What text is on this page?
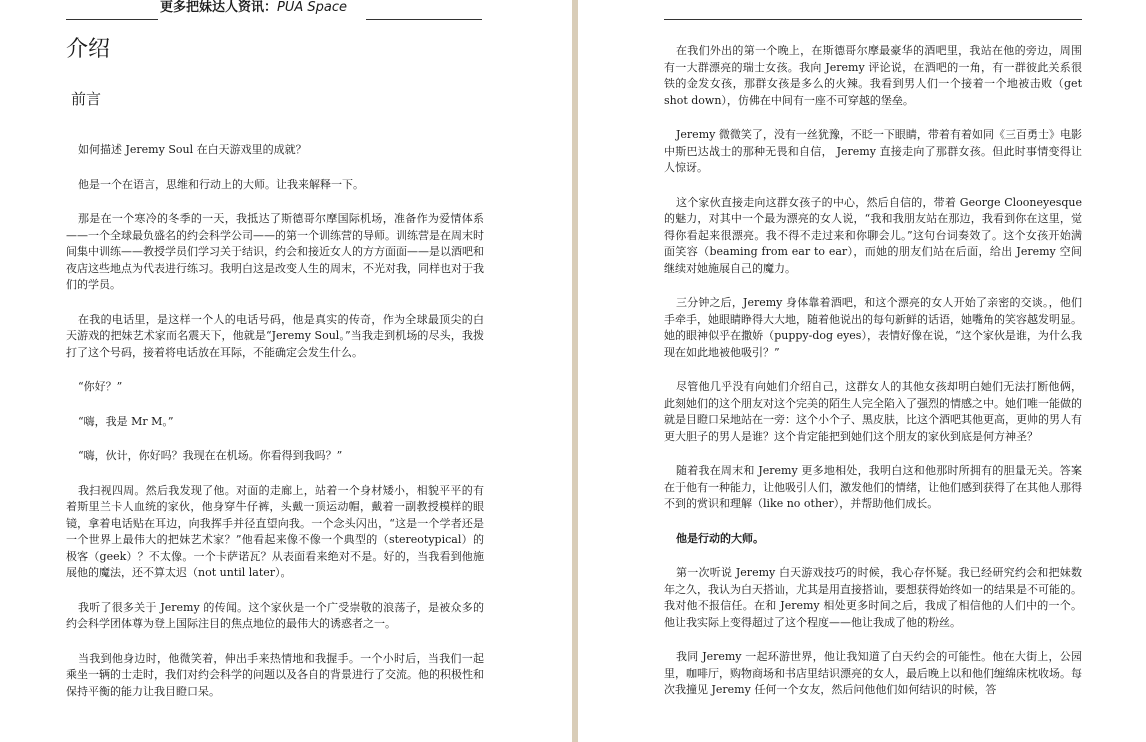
更多把妹达人资讯：PUA Space
介绍
前言

如何描述 Jeremy Soul 在白天游戏里的成就？

他是一个在语言，思维和行动上的大师。让我来解释一下。

那是在一个寒冷的冬季的一天，我抵达了斯德哥尔摩国际机场，准备作为爱情体系——一个全球最负盛名的约会科学公司——的第一个训练营的导师。训练营是在周末时间集中训练——教授学员们学习关于结识，约会和接近女人的方方面面——是以酒吧和夜店这些地点为代表进行练习。我明白这是改变人生的周末，不光对我，同样也对于我们的学员。

在我的电话里，是这样一个人的电话号码，他是真实的传奇，作为全球最顶尖的白天游戏的把妹艺术家而名震天下，他就是“Jeremy Soul。”当我走到机场的尽头，我拨打了这个号码，接着将电话放在耳际，不能确定会发生什么。

“你好？”

“嗨，我是 Mr M。”

“嗨，伙计，你好吗？我现在在机场。你看得到我吗？”

我扫视四周。然后我发现了他。对面的走廊上，站着一个身材矮小，相貌平平的有着斯里兰卡人血统的家伙，他身穿牛仔裤，头戴一顶运动帽，戴着一副教授模样的眼镜，拿着电话贴在耳边，向我挥手并径直望向我。一个念头闪出，“这是一个学者还是一个世界上最伟大的把妹艺术家？”他看起来像不像一个典型的（stereotypical）的极客（geek）？不太像。一个卡萨诺瓦？从表面看来绝对不是。好的，当我看到他施展他的魔法，还不算太迟（not until later）。

我听了很多关于 Jeremy 的传闻。这个家伙是一个广受崇敬的浪荡子，是被众多的约会科学团体尊为登上国际注目的焦点地位的最伟大的诱惑者之一。

当我到他身边时，他微笑着，伸出手来热情地和我握手。一个小时后，当我们一起乘坐一辆的士走时，我们对约会科学的问题以及各自的背景进行了交流。他的积极性和保持平衡的能力让我目瞪口呆。

在我们外出的第一个晚上，在斯德哥尔摩最豪华的酒吧里，我站在他的旁边，周围有一大群漂亮的瑞士女孩。我向 Jeremy 评论说，在酒吧的一角，有一群彼此关系很铁的金发女孩，那群女孩是多么的火辣。我看到男人们一个接着一个地被击败（get shot down），仿佛在中间有一座不可穿越的堡垒。

Jeremy 微微笑了，没有一丝犹豫，不眨一下眼睛，带着有着如同《三百勇士》电影中斯巴达战士的那种无畏和自信， Jeremy 直接走向了那群女孩。但此时事情变得让人惊讶。

这个家伙直接走向这群女孩子的中心，然后自信的，带着 George Clooneyesque 的魅力，对其中一个最为漂亮的女人说，“我和我朋友站在那边，我看到你在这里，觉得你看起来很漂亮。我不得不走过来和你聊会儿。”这句台词奏效了。这个女孩开始满面笑容（beaming from ear to ear），而她的朋友们站在后面，给出 Jeremy 空间继续对她施展自己的魔力。

三分钟之后，Jeremy 身体靠着酒吧，和这个漂亮的女人开始了亲密的交谈。，他们手牵手，她眼睛睁得大大地，随着他说出的每句新鲜的话语，她嘴角的笑容越发明显。她的眼神似乎在撒娇（puppy-dog eyes），表情好像在说，“这个家伙是谁，为什么我现在如此地被他吸引？”

尽管他几乎没有向她们介绍自己，这群女人的其他女孩却明白她们无法打断他俩，此刻她们的这个朋友对这个完美的陌生人完全陷入了强烈的情感之中。她们唯一能做的就是目瞪口呆地站在一旁：这个小个子、黑皮肤，比这个酒吧其他更高，更帅的男人有更大胆子的男人是谁？这个肯定能把到她们这个朋友的家伙到底是何方神圣？

随着我在周末和 Jeremy 更多地相处，我明白这和他那时所拥有的胆量无关。答案在于他有一种能力，让他吸引人们，激发他们的情绪，让他们感到获得了在其他人那得不到的赏识和理解（like no other），并帮助他们成长。

他是行动的大师。

第一次听说 Jeremy 白天游戏技巧的时候，我心存怀疑。我已经研究约会和把妹数年之久，我认为白天搭讪，尤其是用直接搭讪，要想获得始终如一的结果是不可能的。我对他不报信任。在和 Jeremy 相处更多时间之后，我成了相信他的人们中的一个。他让我实际上变得超过了这个程度——他让我成了他的粉丝。

我同 Jeremy 一起环游世界，他让我知道了白天约会的可能性。他在大街上，公园里，咖啡厅，购物商场和书店里结识漂亮的女人，最后晚上以和他们缠绵床枕收场。每次我撞见 Jeremy 任何一个女友，然后问他他们如何结识的时候，答
